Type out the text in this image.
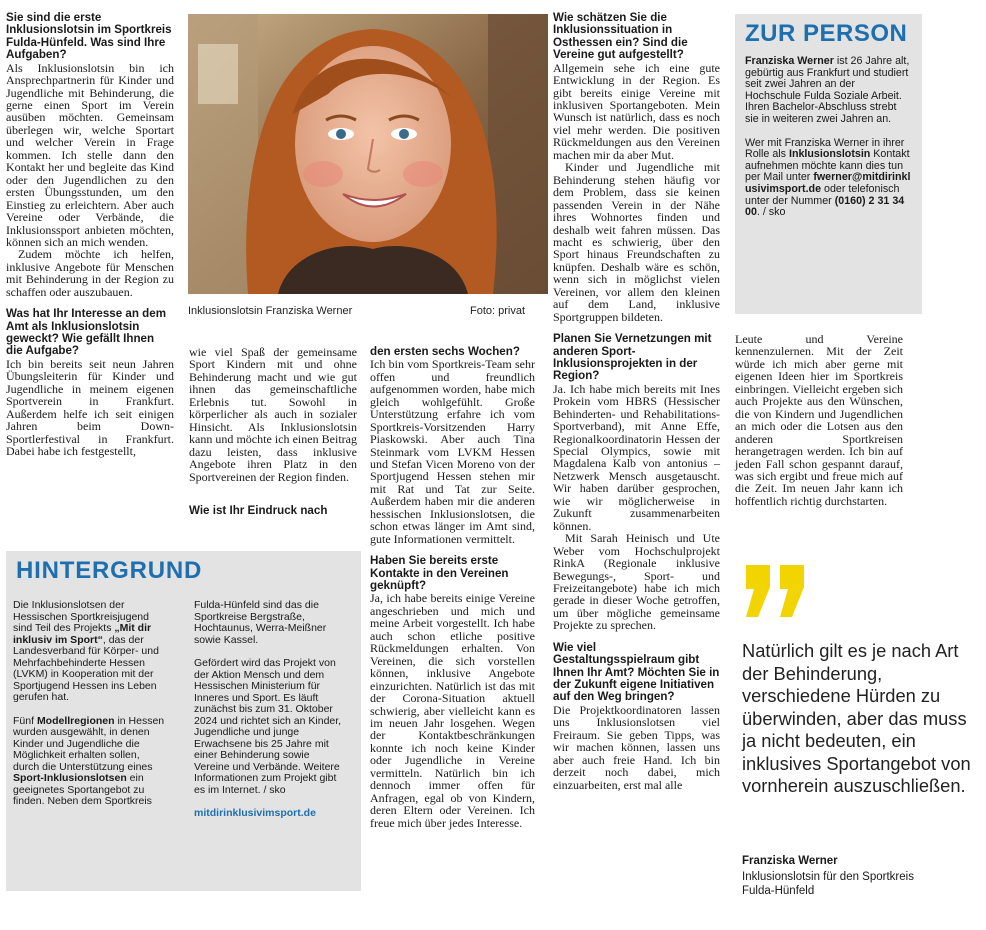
Sie sind die erste Inklusionslotsin im Sportkreis Fulda-Hünfeld. Was sind Ihre Aufgaben?

Als Inklusionslotsin bin ich Ansprechpartnerin für Kinder und Jugendliche mit Behinderung, die gerne einen Sport im Verein ausüben möchten. Gemeinsam überlegen wir, welche Sportart und welcher Verein in Frage kommen. Ich stelle dann den Kontakt her und begleite das Kind oder den Jugendlichen zu den ersten Übungsstunden, um den Einstieg zu erleichtern. Aber auch Vereine oder Verbände, die Inklusionssport anbieten möchten, können sich an mich wenden.

Zudem möchte ich helfen, inklusive Angebote für Menschen mit Behinderung in der Region zu schaffen oder auszubauen.

Was hat Ihr Interesse an dem Amt als Inklusionslotsin geweckt? Wie gefällt Ihnen die Aufgabe?

Ich bin bereits seit neun Jahren Übungsleiterin für Kinder und Jugendliche in meinem eigenen Sportverein in Frankfurt. Außerdem helfe ich seit einigen Jahren beim Down-Sportlerfestival in Frankfurt. Dabei habe ich festgestellt,

Inklusionslotsin Franziska Werner	Foto: privat

wie viel Spaß der gemeinsame Sport Kindern mit und ohne Behinderung macht und wie gut ihnen das gemeinschaftliche Erlebnis tut. Sowohl in körperlicher als auch in sozialer Hinsicht. Als Inklusionslotsin kann und möchte ich einen Beitrag dazu leisten, dass inklusive Angebote ihren Platz in den Sportvereinen der Region finden.

Wie ist Ihr Eindruck nach

den ersten sechs Wochen?

Ich bin vom Sportkreis-Team sehr offen und freundlich aufgenommen worden, habe mich gleich wohlgefühlt. Große Unterstützung erfahre ich vom Sportkreis-Vorsitzenden Harry Piaskowski. Aber auch Tina Steinmark vom LVKM Hessen und Stefan Vicen Moreno von der Sportjugend Hessen stehen mir mit Rat und Tat zur Seite. Außerdem haben mir die anderen hessischen Inklusionslotsen, die schon etwas länger im Amt sind, gute Informationen vermittelt.

Haben Sie bereits erste Kontakte in den Vereinen geknüpft?

Ja, ich habe bereits einige Vereine angeschrieben und mich und meine Arbeit vorgestellt. Ich habe auch schon etliche positive Rückmeldungen erhalten. Von Vereinen, die sich vorstellen können, inklusive Angebote einzurichten. Natürlich ist das mit der Corona-Situation aktuell schwierig, aber vielleicht kann es im neuen Jahr losgehen. Wegen der Kontaktbeschränkungen konnte ich noch keine Kinder oder Jugendliche in Vereine vermitteln. Natürlich bin ich dennoch immer offen für Anfragen, egal ob von Kindern, deren Eltern oder Vereinen. Ich freue mich über jedes Interesse.

Wie schätzen Sie die Inklusionssituation in Osthessen ein? Sind die Vereine gut aufgestellt?

Allgemein sehe ich eine gute Entwicklung in der Region. Es gibt bereits einige Vereine mit inklusiven Sportangeboten. Mein Wunsch ist natürlich, dass es noch viel mehr werden. Die positiven Rückmeldungen aus den Vereinen machen mir da aber Mut.

Kinder und Jugendliche mit Behinderung stehen häufig vor dem Problem, dass sie keinen passenden Verein in der Nähe ihres Wohnortes finden und deshalb weit fahren müssen. Das macht es schwierig, über den Sport hinaus Freundschaften zu knüpfen. Deshalb wäre es schön, wenn sich in möglichst vielen Vereinen, vor allem den kleinen auf dem Land, inklusive Sportgruppen bildeten.

Planen Sie Vernetzungen mit anderen Sport-Inklusionsprojekten in der Region?

Ja. Ich habe mich bereits mit Ines Prokein vom HBRS (Hessischer Behinderten- und Rehabilitations-Sportverband), mit Anne Effe, Regionalkoordinatorin Hessen der Special Olympics, sowie mit Magdalena Kalb von antonius – Netzwerk Mensch ausgetauscht. Wir haben darüber gesprochen, wie wir möglicherweise in Zukunft zusammenarbeiten können.

Mit Sarah Heinisch und Ute Weber vom Hochschulprojekt RinkA (Regionale inklusive Bewegungs-, Sport- und Freizeitangebote) habe ich mich gerade in dieser Woche getroffen, um über mögliche gemeinsame Projekte zu sprechen.

Wie viel Gestaltungsspielraum gibt Ihnen Ihr Amt? Möchten Sie in der Zukunft eigene Initiativen auf den Weg bringen?

Die Projektkoordinatoren lassen uns Inklusionslotsen viel Freiraum. Sie geben Tipps, was wir machen können, lassen uns aber auch freie Hand. Ich bin derzeit noch dabei, mich einzuarbeiten, erst mal alle

ZUR PERSON

Franziska Werner ist 26 Jahre alt, gebürtig aus Frankfurt und studiert seit zwei Jahren an der Hochschule Fulda Soziale Arbeit. Ihren Bachelor-Abschluss strebt sie in weiteren zwei Jahren an.

Wer mit Franziska Werner in ihrer Rolle als Inklusionslotsin Kontakt aufnehmen möchte kann dies tun per Mail unter fwerner@mitdirinklusivimsport.de oder telefonisch unter der Nummer (0160) 2 31 34 00. / sko

Leute und Vereine kennenzulernen. Mit der Zeit würde ich mich aber gerne mit eigenen Ideen hier im Sportkreis einbringen. Vielleicht ergeben sich auch Projekte aus den Wünschen, die von Kindern und Jugendlichen an mich oder die Lotsen aus den anderen Sportkreisen herangetragen werden. Ich bin auf jeden Fall schon gespannt darauf, was sich ergibt und freue mich auf die Zeit. Im neuen Jahr kann ich hoffentlich richtig durchstarten.

HINTERGRUND

Die Inklusionslotsen der Hessischen Sportkreisjugend sind Teil des Projekts „Mit dir inklusiv im Sport“, das der Landesverband für Körper- und Mehrfachbehinderte Hessen (LVKM) in Kooperation mit der Sportjugend Hessen ins Leben gerufen hat.

Fünf Modellregionen in Hessen wurden ausgewählt, in denen Kinder und Jugendliche die Möglichkeit erhalten sollen, durch die Unterstützung eines Sport-Inklusionslotsen ein geeignetes Sportangebot zu finden. Neben dem Sportkreis

Fulda-Hünfeld sind das die Sportkreise Bergstraße, Hochtaunus, Werra-Meißner sowie Kassel.

Gefördert wird das Projekt von der Aktion Mensch und dem Hessischen Ministerium für Inneres und Sport. Es läuft zunächst bis zum 31. Oktober 2024 und richtet sich an Kinder, Jugendliche und junge Erwachsene bis 25 Jahre mit einer Behinderung sowie Vereine und Verbände. Weitere Informationen zum Projekt gibt es im Internet. / sko

mitdirinklusivimsport.de

Natürlich gilt es je nach Art der Behinderung, verschiedene Hürden zu überwinden, aber das muss ja nicht bedeuten, ein inklusives Sportangebot von vornherein auszuschließen.
Franziska Werner
Inklusionslotsin für den Sportkreis Fulda-Hünfeld
